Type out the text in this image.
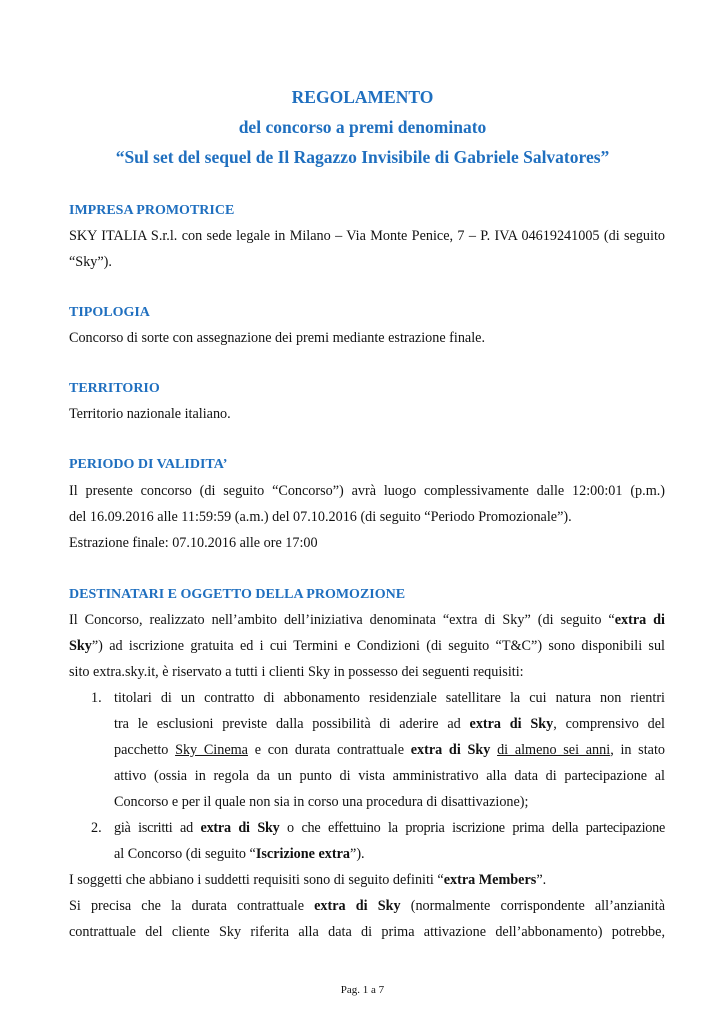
REGOLAMENTO
del concorso a premi denominato
“Sul set del sequel de Il Ragazzo Invisibile di Gabriele Salvatores”
IMPRESA PROMOTRICE
SKY ITALIA S.r.l. con sede legale in Milano – Via Monte Penice, 7 – P. IVA 04619241005 (di seguito
“Sky”).
TIPOLOGIA
Concorso di sorte con assegnazione dei premi mediante estrazione finale.
TERRITORIO
Territorio nazionale italiano.
PERIODO DI VALIDITA’
Il presente concorso (di seguito “Concorso”) avrà luogo complessivamente dalle 12:00:01 (p.m.)
del 16.09.2016 alle 11:59:59 (a.m.) del 07.10.2016 (di seguito “Periodo Promozionale”).
Estrazione finale: 07.10.2016 alle ore 17:00
DESTINATARI E OGGETTO DELLA PROMOZIONE
Il Concorso, realizzato nell’ambito dell’iniziativa denominata “extra di Sky” (di seguito “extra di
Sky”) ad iscrizione gratuita ed i cui Termini e Condizioni (di seguito “T&C”) sono disponibili sul
sito extra.sky.it, è riservato a tutti i clienti Sky in possesso dei seguenti requisiti:
1. titolari di un contratto di abbonamento residenziale satellitare la cui natura non rientri
tra le esclusioni previste dalla possibilità di aderire ad extra di Sky, comprensivo del
pacchetto Sky Cinema e con durata contrattuale extra di Sky di almeno sei anni, in stato
attivo (ossia in regola da un punto di vista amministrativo alla data di partecipazione al
Concorso e per il quale non sia in corso una procedura di disattivazione);
2. già iscritti ad extra di Sky o che effettuino la propria iscrizione prima della partecipazione
al Concorso (di seguito “Iscrizione extra”).
I soggetti che abbiano i suddetti requisiti sono di seguito definiti “extra Members”.
Si precisa che la durata contrattuale extra di Sky (normalmente corrispondente all’anzianità
contrattuale del cliente Sky riferita alla data di prima attivazione dell’abbonamento) potrebbe,
Pag. 1 a 7
